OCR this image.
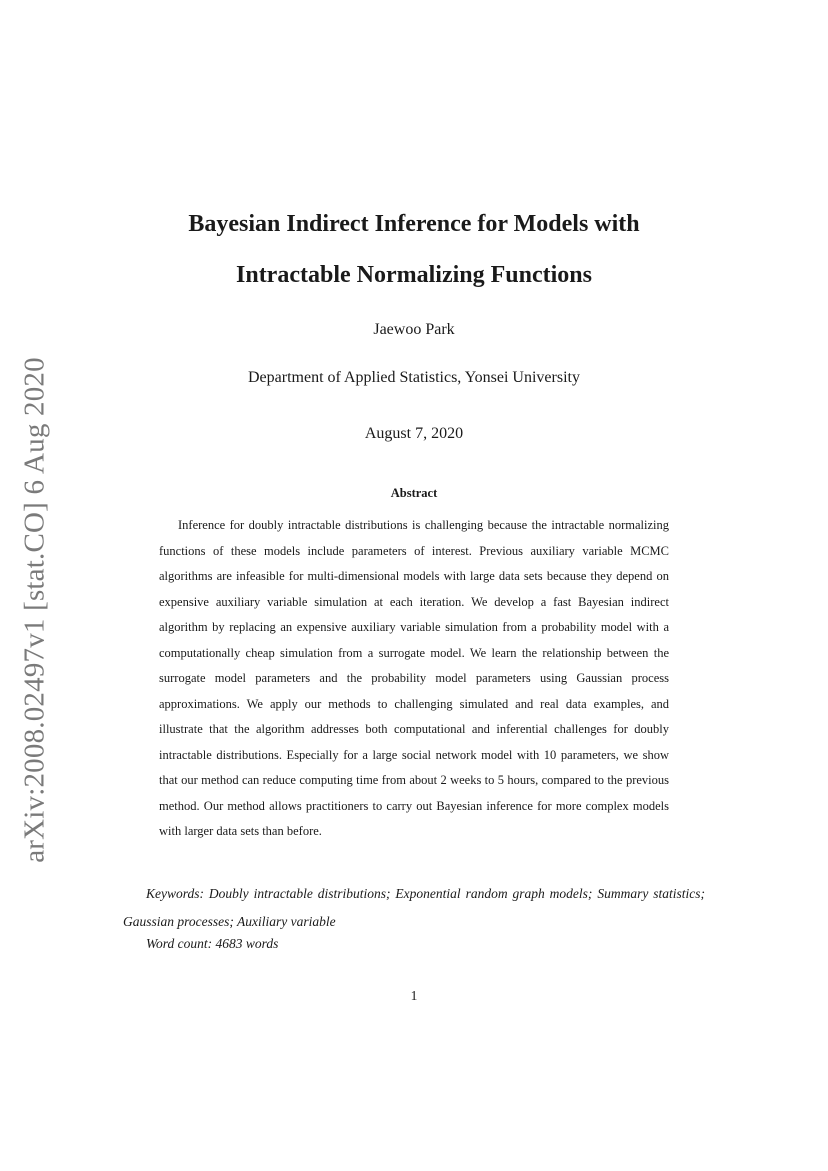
arXiv:2008.02497v1 [stat.CO] 6 Aug 2020
Bayesian Indirect Inference for Models with
Intractable Normalizing Functions
Jaewoo Park
Department of Applied Statistics, Yonsei University
August 7, 2020
Abstract

Inference for doubly intractable distributions is challenging because the intractable normalizing functions of these models include parameters of interest. Previous auxiliary variable MCMC algorithms are infeasible for multi-dimensional models with large data sets because they depend on expensive auxiliary variable simulation at each iteration. We develop a fast Bayesian indirect algorithm by replacing an expensive auxiliary variable simulation from a probability model with a computationally cheap simulation from a surrogate model. We learn the relationship between the surrogate model parameters and the probability model parameters using Gaussian process approximations. We apply our methods to challenging simulated and real data examples, and illustrate that the algorithm addresses both computational and inferential challenges for doubly intractable distributions. Especially for a large social network model with 10 parameters, we show that our method can reduce computing time from about 2 weeks to 5 hours, compared to the previous method. Our method allows practitioners to carry out Bayesian inference for more complex models with larger data sets than before.

Keywords: Doubly intractable distributions; Exponential random graph models; Summary statistics; Gaussian processes; Auxiliary variable

Word count: 4683 words
1
